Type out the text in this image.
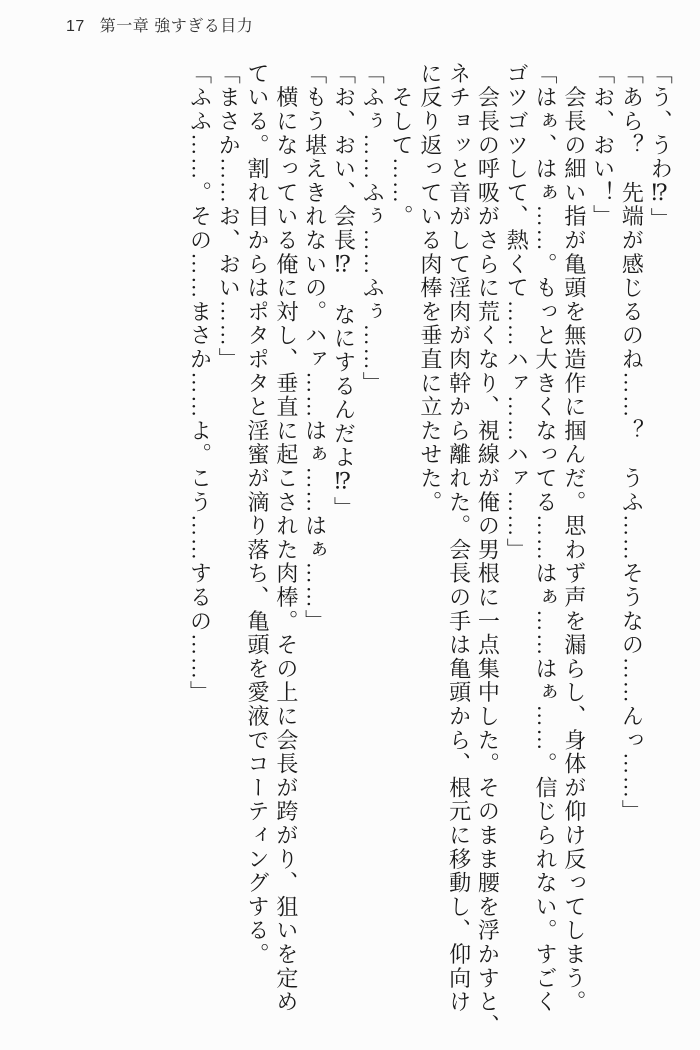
17 第一章 強すぎる目力

「う、うわ⁉」

「あら？　先端が感じるのね……？　うふ……そうなの……んっ……」

「お、おい！」

　会長の細い指が亀頭を無造作に掴んだ。思わず声を漏らし、身体が仰け反ってしまう。

「はぁ、はぁ……。もっと大きくなってる……はぁ……はぁ……。信じられない。すごく

ゴツゴツして、熱くて……ハァ……ハァ……」

　会長の呼吸がさらに荒くなり、視線が俺の男根に一点集中した。そのまま腰を浮かすと、

ネチョッと音がして淫肉が肉幹から離れた。会長の手は亀頭から、根元に移動し、仰向け

に反り返っている肉棒を垂直に立たせた。

　そして……。

「ふぅ……ふぅ……ふぅ……」

「お、おい、会長⁉　なにするんだよ⁉」

「もう堪えきれないの。ハァ……はぁ……はぁ……」

　横になっている俺に対し、垂直に起こされた肉棒。その上に会長が跨がり、狙いを定め

ている。割れ目からはポタポタと淫蜜が滴り落ち、亀頭を愛液でコーティングする。

「まさか……お、おい……」

「ふふ……。その……まさか……よ。こう……するの……」
